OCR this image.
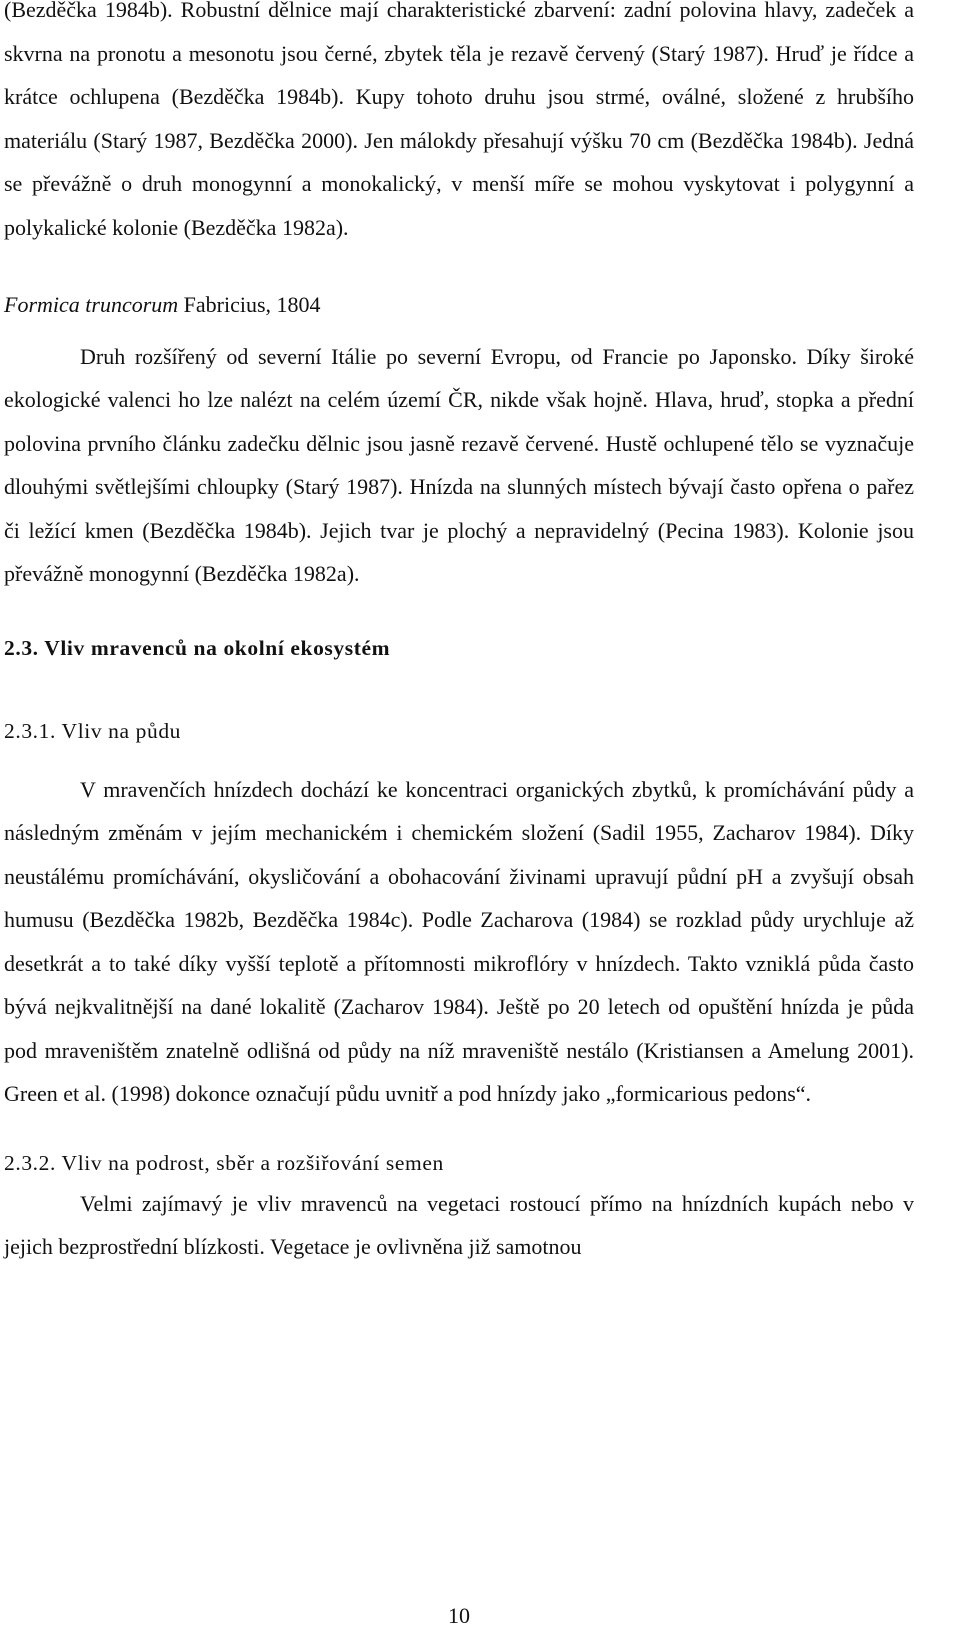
(Bezděčka 1984b). Robustní dělnice mají charakteristické zbarvení: zadní polovina hlavy, zadeček a skvrna na pronotu a mesonotu jsou černé, zbytek těla je rezavě červený (Starý 1987). Hruď je řídce a krátce ochlupena (Bezděčka 1984b). Kupy tohoto druhu jsou strmé, oválné, složené z hrubšího materiálu (Starý 1987, Bezděčka 2000). Jen málokdy přesahují výšku 70 cm (Bezděčka 1984b). Jedná se převážně o druh monogynní a monokalický, v menší míře se mohou vyskytovat i polygynní a polykalické kolonie (Bezděčka 1982a).

Formica truncorum Fabricius, 1804

Druh rozšířený od severní Itálie po severní Evropu, od Francie po Japonsko. Díky široké ekologické valenci ho lze nalézt na celém území ČR, nikde však hojně. Hlava, hruď, stopka a přední polovina prvního článku zadečku dělnic jsou jasně rezavě červené. Hustě ochlupené tělo se vyznačuje dlouhými světlejšími chloupky (Starý 1987). Hnízda na slunných místech bývají často opřena o pařez či ležící kmen (Bezděčka 1984b). Jejich tvar je plochý a nepravidelný (Pecina 1983). Kolonie jsou převážně monogynní (Bezděčka 1982a).

2.3. Vliv mravenců na okolní ekosystém
2.3.1. Vliv na půdu

V mravenčích hnízdech dochází ke koncentraci organických zbytků, k promíchávání půdy a následným změnám v jejím mechanickém i chemickém složení (Sadil 1955, Zacharov 1984). Díky neustálému promíchávání, okysličování a obohacování živinami upravují půdní pH a zvyšují obsah humusu (Bezděčka 1982b, Bezděčka 1984c). Podle Zacharova (1984) se rozklad půdy urychluje až desetkrát a to také díky vyšší teplotě a přítomnosti mikroflóry v hnízdech. Takto vzniklá půda často bývá nejkvalitnější na dané lokalitě (Zacharov 1984). Ještě po 20 letech od opuštění hnízda je půda pod mraveništěm znatelně odlišná od půdy na níž mraveniště nestálo (Kristiansen a Amelung 2001). Green et al. (1998) dokonce označují půdu uvnitř a pod hnízdy jako „formicarious pedons“.

2.3.2. Vliv na podrost, sběr a rozšiřování semen

Velmi zajímavý je vliv mravenců na vegetaci rostoucí přímo na hnízdních kupách nebo v jejich bezprostřední blízkosti. Vegetace je ovlivněna již samotnou

10
